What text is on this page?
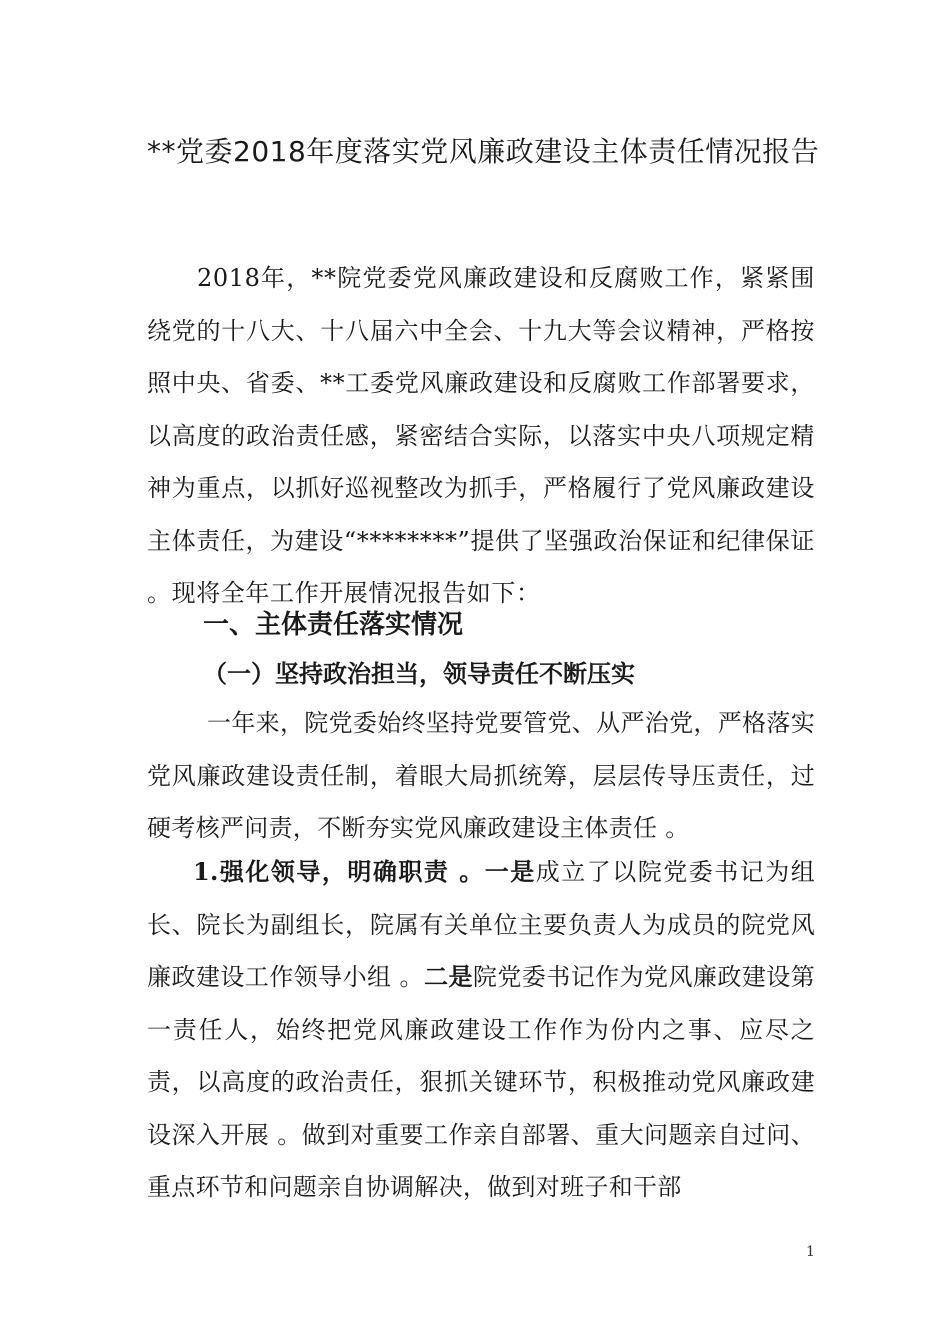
**党委2018年度落实党风廉政建设主体责任情况报告

2018年，**院党委党风廉政建设和反腐败工作，紧紧围绕党的十八大、十八届六中全会、十九大等会议精神，严格按照中央、省委、**工委党风廉政建设和反腐败工作部署要求，以高度的政治责任感，紧密结合实际，以落实中央八项规定精神为重点，以抓好巡视整改为抓手，严格履行了党风廉政建设主体责任，为建设“********”提供了坚强政治保证和纪律保证 。现将全年工作开展情况报告如下：

一、主体责任落实情况
（一）坚持政治担当，领导责任不断压实

一年来，院党委始终坚持党要管党、从严治党，严格落实党风廉政建设责任制，着眼大局抓统筹，层层传导压责任，过硬考核严问责，不断夯实党风廉政建设主体责任 。

1.强化领导，明确职责 。一是成立了以院党委书记为组长、院长为副组长，院属有关单位主要负责人为成员的院党风廉政建设工作领导小组 。二是院党委书记作为党风廉政建设第一责任人，始终把党风廉政建设工作作为份内之事、应尽之责，以高度的政治责任，狠抓关键环节，积极推动党风廉政建设深入开展 。做到对重要工作亲自部署、重大问题亲自过问、重点环节和问题亲自协调解决，做到对班子和干部

1
